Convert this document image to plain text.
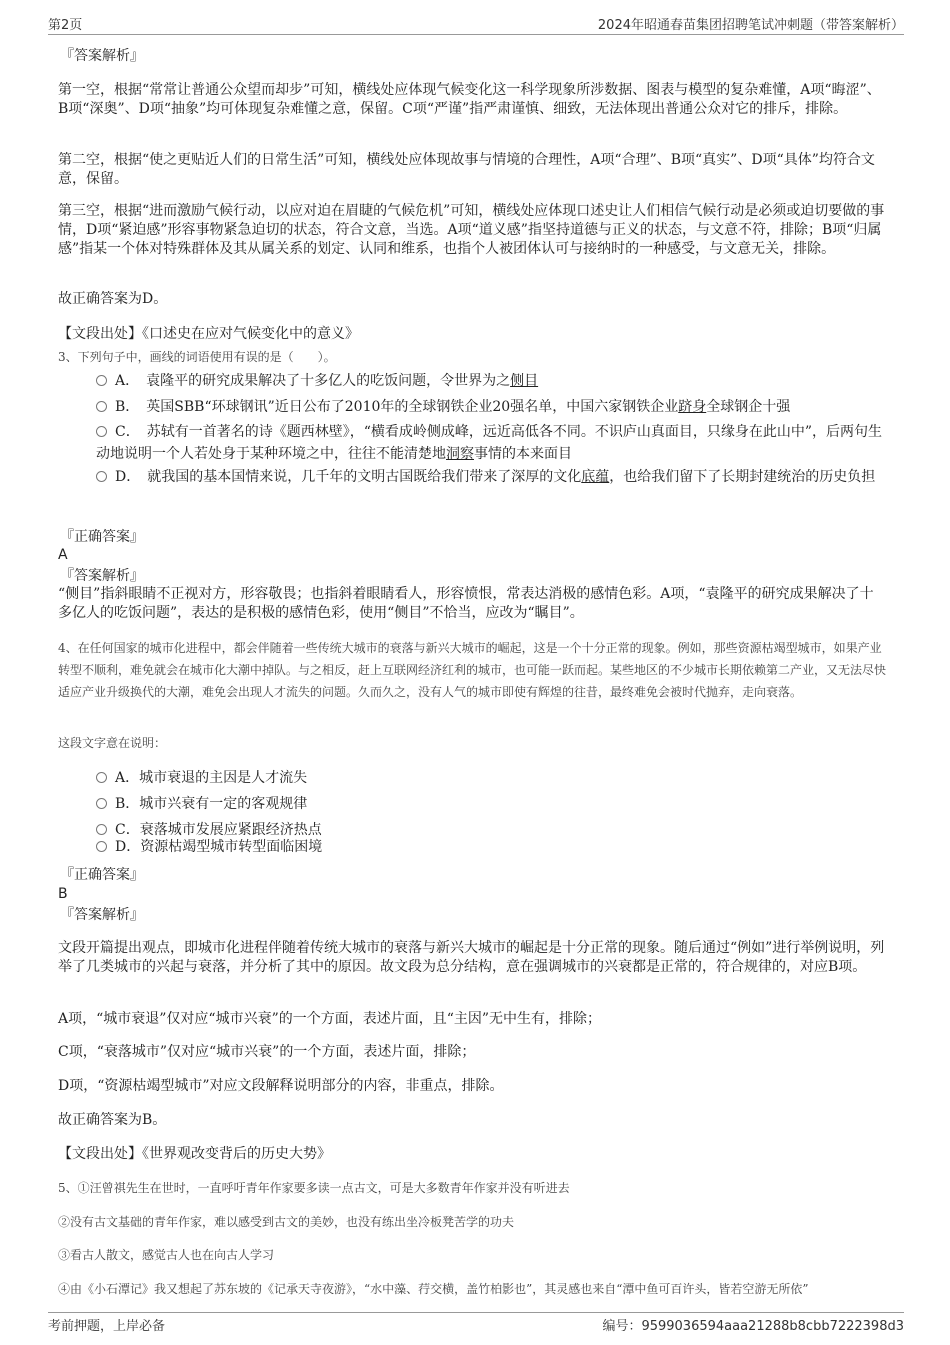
第2页	2024年昭通春苗集团招聘笔试冲刺题（带答案解析）
『答案解析』
第一空，根据“常常让普通公众望而却步”可知，横线处应体现气候变化这一科学现象所涉数据、图表与模型的复杂难懂，A项“晦涩”、B项“深奥”、D项“抽象”均可体现复杂难懂之意，保留。C项“严谨”指严肃谨慎、细致，无法体现出普通公众对它的排斥，排除。
第二空，根据“使之更贴近人们的日常生活”可知，横线处应体现故事与情境的合理性，A项“合理”、B项“真实”、D项“具体”均符合文意，保留。
第三空，根据“进而激励气候行动，以应对迫在眉睫的气候危机”可知，横线处应体现口述史让人们相信气候行动是必须或迫切要做的事情，D项“紧迫感”形容事物紧急迫切的状态，符合文意，当选。A项“道义感”指坚持道德与正义的状态，与文意不符，排除；B项“归属感”指某一个体对特殊群体及其从属关系的划定、认同和维系，也指个人被团体认可与接纳时的一种感受，与文意无关，排除。
故正确答案为D。
【文段出处】《口述史在应对气候变化中的意义》
3、下列句子中，画线的词语使用有误的是（　　）。
A．　袁隆平的研究成果解决了十多亿人的吃饭问题，令世界为之侧目
B．　英国SBB“环球钢讯”近日公布了2010年的全球钢铁企业20强名单，中国六家钢铁企业跻身全球钢企十强
C．　苏轼有一首著名的诗《题西林壁》，“横看成岭侧成峰，远近高低各不同。不识庐山真面目，只缘身在此山中”，后两句生动地说明一个人若处身于某种环境之中，往往不能清楚地洞察事情的本来面目
D．　就我国的基本国情来说，几千年的文明古国既给我们带来了深厚的文化底蕴，也给我们留下了长期封建统治的历史负担
『正确答案』
A
『答案解析』
“侧目”指斜眼睛不正视对方，形容敬畏；也指斜着眼睛看人，形容愤恨，常表达消极的感情色彩。A项，“袁隆平的研究成果解决了十多亿人的吃饭问题”，表达的是积极的感情色彩，使用“侧目”不恰当，应改为“瞩目”。
4、在任何国家的城市化进程中，都会伴随着一些传统大城市的衰落与新兴大城市的崛起，这是一个十分正常的现象。例如，那些资源枯竭型城市，如果产业转型不顺利，难免就会在城市化大潮中掉队。与之相反，赶上互联网经济红利的城市，也可能一跃而起。某些地区的不少城市长期依赖第二产业，又无法尽快适应产业升级换代的大潮，难免会出现人才流失的问题。久而久之，没有人气的城市即使有辉煌的往昔，最终难免会被时代抛弃，走向衰落。
这段文字意在说明：
A．城市衰退的主因是人才流失
B．城市兴衰有一定的客观规律
C．衰落城市发展应紧跟经济热点
D．资源枯竭型城市转型面临困境
『正确答案』
B
『答案解析』
文段开篇提出观点，即城市化进程伴随着传统大城市的衰落与新兴大城市的崛起是十分正常的现象。随后通过“例如”进行举例说明，列举了几类城市的兴起与衰落，并分析了其中的原因。故文段为总分结构，意在强调城市的兴衰都是正常的，符合规律的，对应B项。
A项，“城市衰退”仅对应“城市兴衰”的一个方面，表述片面，且“主因”无中生有，排除；
C项，“衰落城市”仅对应“城市兴衰”的一个方面，表述片面，排除；
D项，“资源枯竭型城市”对应文段解释说明部分的内容，非重点，排除。
故正确答案为B。
【文段出处】《世界观改变背后的历史大势》
5、①汪曾祺先生在世时，一直呼吁青年作家要多读一点古文，可是大多数青年作家并没有听进去
②没有古文基础的青年作家，难以感受到古文的美妙，也没有练出坐冷板凳苦学的功夫
③看古人散文，感觉古人也在向古人学习
④由《小石潭记》我又想起了苏东坡的《记承天寺夜游》，“水中藻、荇交横，盖竹柏影也”，其灵感也来自“潭中鱼可百许头，皆若空游无所依”
考前押题，上岸必备	编号：9599036594aaa21288b8cbb7222398d3
